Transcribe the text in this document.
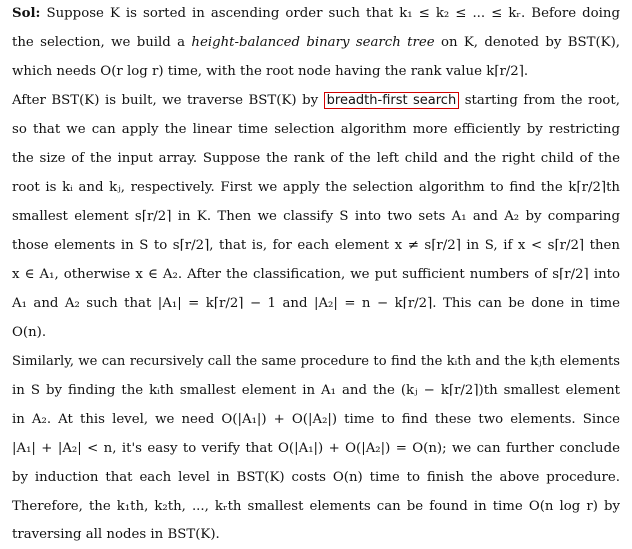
Sol: Suppose K is sorted in ascending order such that k₁ ≤ k₂ ≤ ... ≤ kᵣ. Before doing
the selection, we build a height-balanced binary search tree on K, denoted by BST(K),
which needs O(r log r) time, with the root node having the rank value k⌈r/2⌉.
After BST(K) is built, we traverse BST(K) by breadth-first search starting from the root,
so that we can apply the linear time selection algorithm more efficiently by restricting
the size of the input array. Suppose the rank of the left child and the right child of the
root is kᵢ and kⱼ, respectively. First we apply the selection algorithm to find the k⌈r/2⌉th
smallest element s⌈r/2⌉ in K. Then we classify S into two sets A₁ and A₂ by comparing
those elements in S to s⌈r/2⌉, that is, for each element x ≠ s⌈r/2⌉ in S, if x < s⌈r/2⌉ then
x ∈ A₁, otherwise x ∈ A₂. After the classification, we put sufficient numbers of s⌈r/2⌉ into
A₁ and A₂ such that |A₁| = k⌈r/2⌉ − 1 and |A₂| = n − k⌈r/2⌉. This can be done in time
O(n).
Similarly, we can recursively call the same procedure to find the kᵢth and the kⱼth elements
in S by finding the kᵢth smallest element in A₁ and the (kⱼ − k⌈r/2⌉)th smallest element
in A₂. At this level, we need O(|A₁|) + O(|A₂|) time to find these two elements. Since
|A₁| + |A₂| < n, it's easy to verify that O(|A₁|) + O(|A₂|) = O(n); we can further conclude
by induction that each level in BST(K) costs O(n) time to finish the above procedure.
Therefore, the k₁th, k₂th, ..., kᵣth smallest elements can be found in time O(n log r) by
traversing all nodes in BST(K).
